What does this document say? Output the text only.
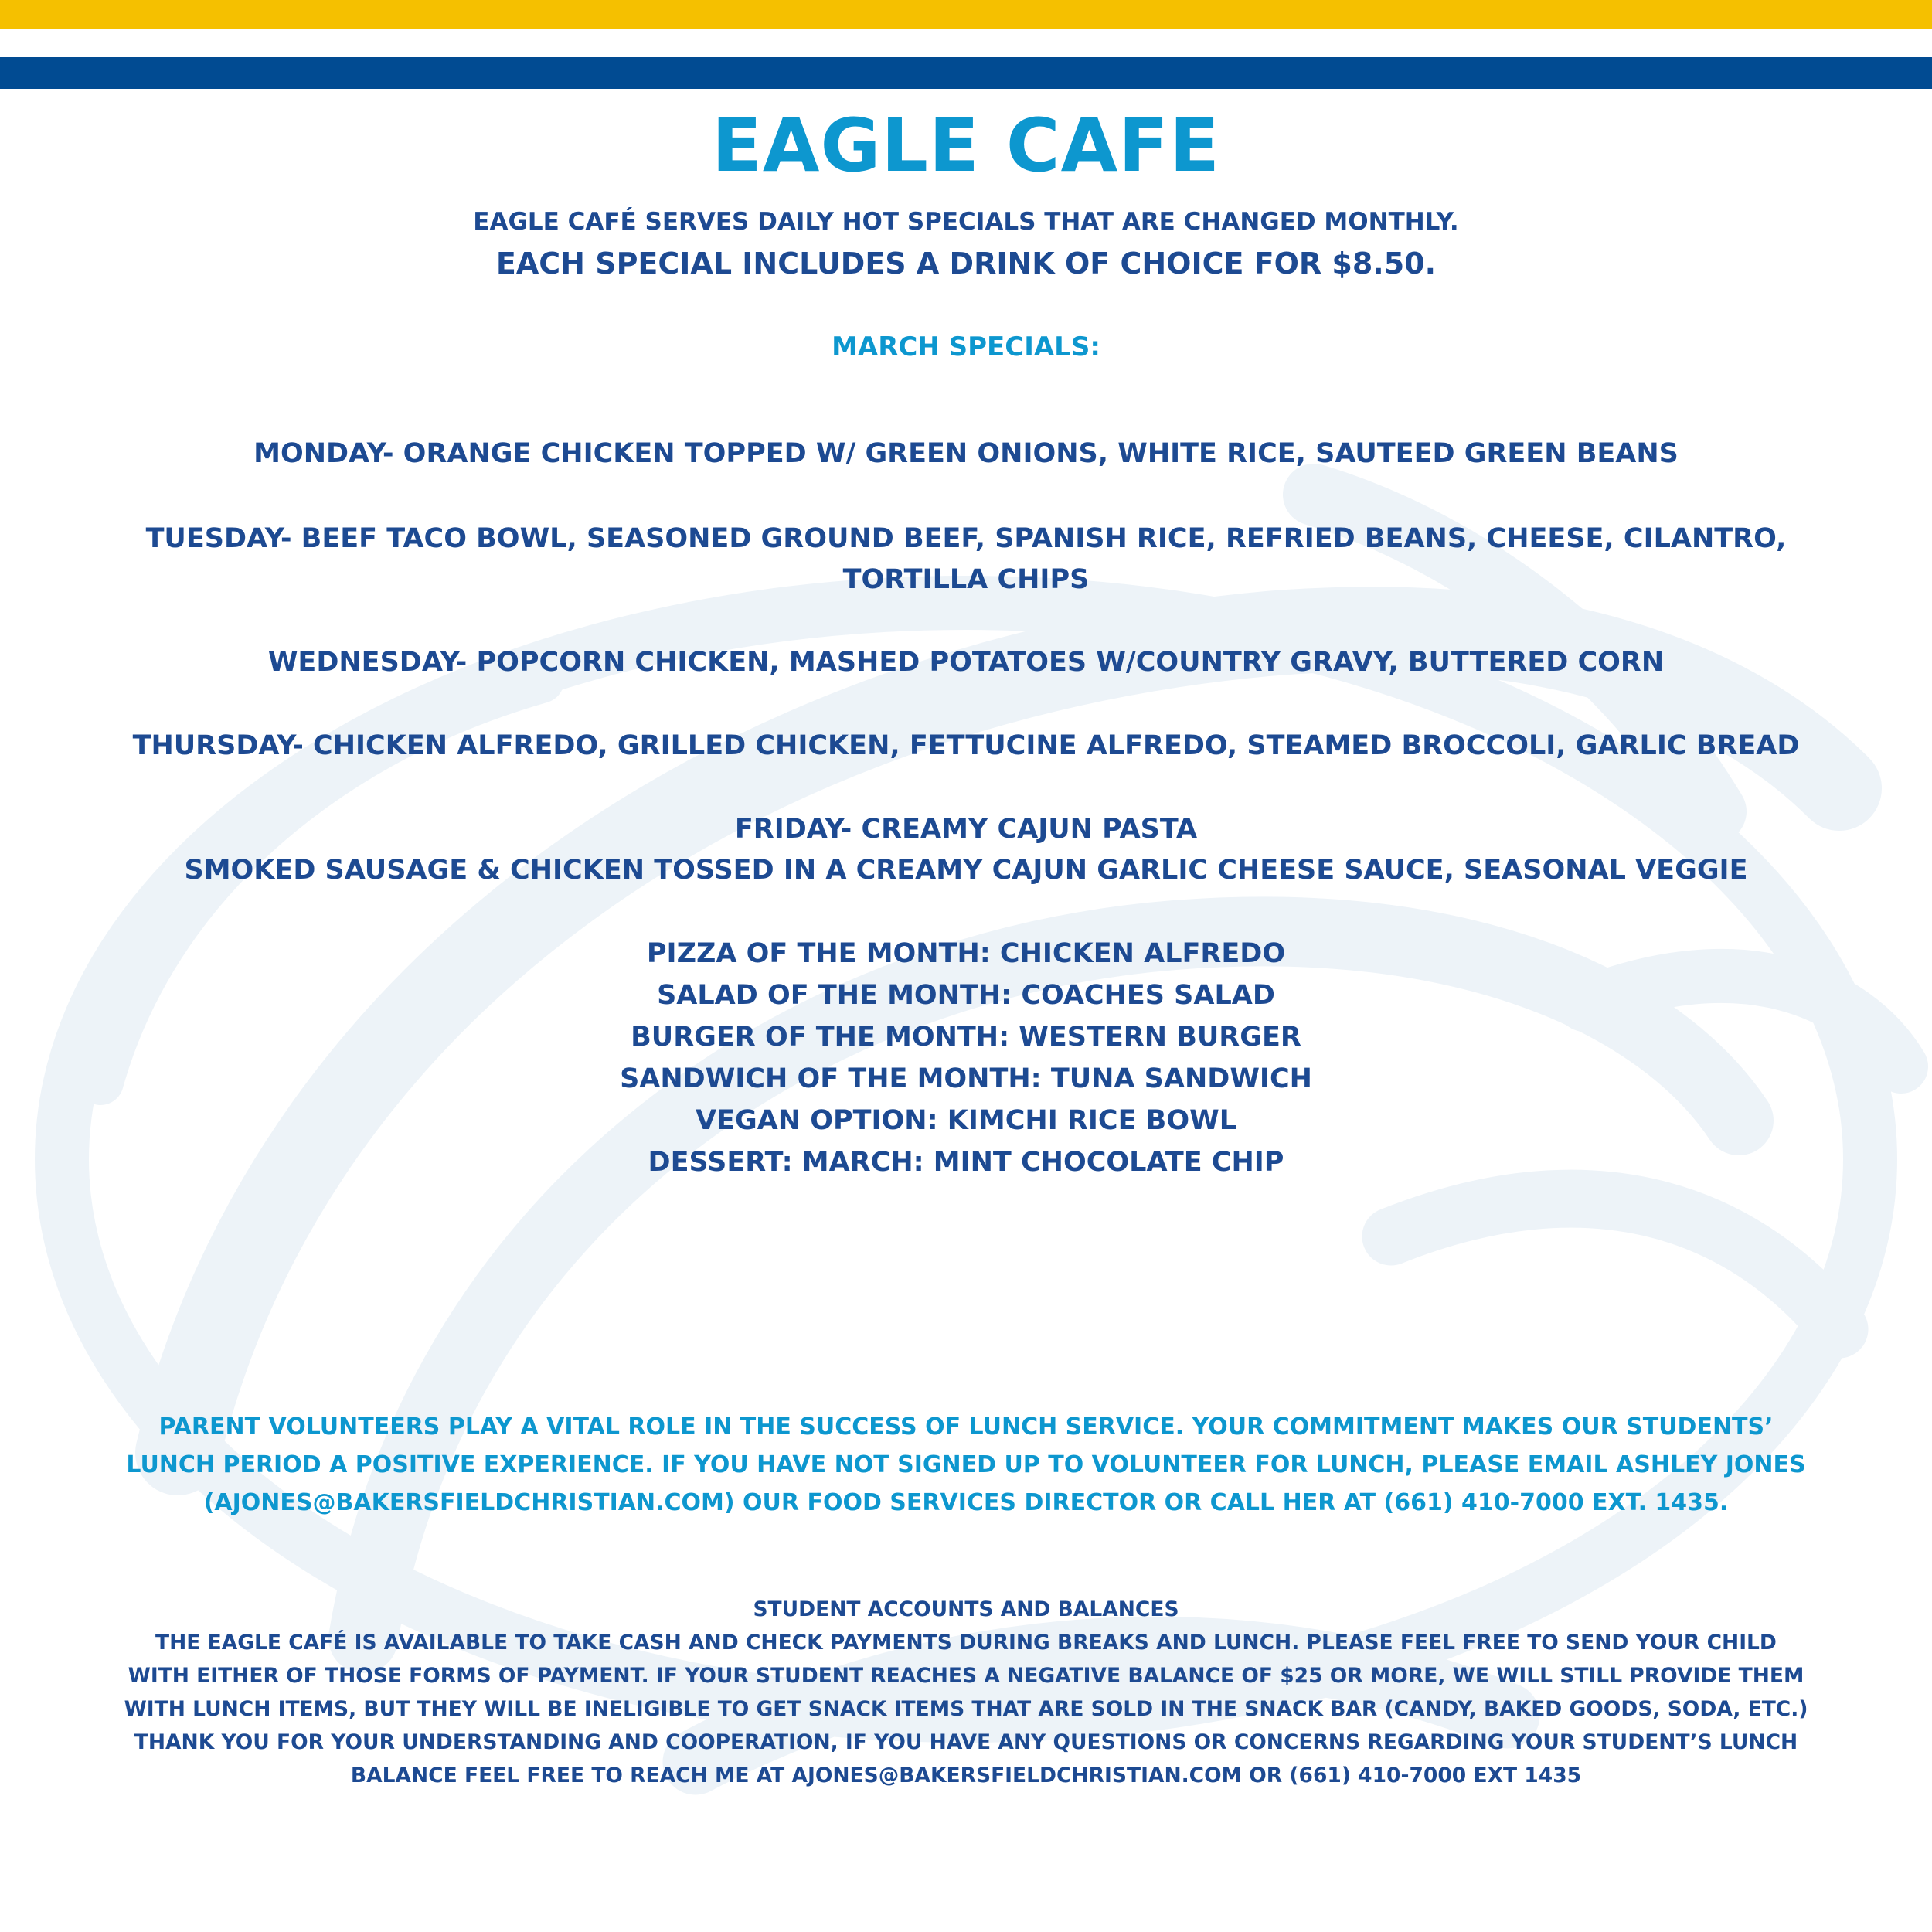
EAGLE CAFE
EAGLE CAFÉ SERVES DAILY HOT SPECIALS THAT ARE CHANGED MONTHLY.
EACH SPECIAL INCLUDES A DRINK OF CHOICE FOR $8.50.
MARCH SPECIALS:
MONDAY- ORANGE CHICKEN TOPPED W/ GREEN ONIONS, WHITE RICE, SAUTEED GREEN BEANS
TUESDAY- BEEF TACO BOWL, SEASONED GROUND BEEF, SPANISH RICE, REFRIED BEANS, CHEESE, CILANTRO,
TORTILLA CHIPS
WEDNESDAY- POPCORN CHICKEN, MASHED POTATOES W/COUNTRY GRAVY, BUTTERED CORN
THURSDAY- CHICKEN ALFREDO, GRILLED CHICKEN, FETTUCINE ALFREDO, STEAMED BROCCOLI, GARLIC BREAD
FRIDAY- CREAMY CAJUN PASTA
SMOKED SAUSAGE & CHICKEN TOSSED IN A CREAMY CAJUN GARLIC CHEESE SAUCE, SEASONAL VEGGIE
PIZZA OF THE MONTH: CHICKEN ALFREDO
SALAD OF THE MONTH: COACHES SALAD
BURGER OF THE MONTH: WESTERN BURGER
SANDWICH OF THE MONTH: TUNA SANDWICH
VEGAN OPTION: KIMCHI RICE BOWL
DESSERT: MARCH: MINT CHOCOLATE CHIP
PARENT VOLUNTEERS PLAY A VITAL ROLE IN THE SUCCESS OF LUNCH SERVICE. YOUR COMMITMENT MAKES OUR STUDENTS’
LUNCH PERIOD A POSITIVE EXPERIENCE. IF YOU HAVE NOT SIGNED UP TO VOLUNTEER FOR LUNCH, PLEASE EMAIL ASHLEY JONES
(AJONES@BAKERSFIELDCHRISTIAN.COM) OUR FOOD SERVICES DIRECTOR OR CALL HER AT (661) 410-7000 EXT. 1435.
STUDENT ACCOUNTS AND BALANCES
THE EAGLE CAFÉ IS AVAILABLE TO TAKE CASH AND CHECK PAYMENTS DURING BREAKS AND LUNCH. PLEASE FEEL FREE TO SEND YOUR CHILD
WITH EITHER OF THOSE FORMS OF PAYMENT. IF YOUR STUDENT REACHES A NEGATIVE BALANCE OF $25 OR MORE, WE WILL STILL PROVIDE THEM
WITH LUNCH ITEMS, BUT THEY WILL BE INELIGIBLE TO GET SNACK ITEMS THAT ARE SOLD IN THE SNACK BAR (CANDY, BAKED GOODS, SODA, ETC.)
THANK YOU FOR YOUR UNDERSTANDING AND COOPERATION, IF YOU HAVE ANY QUESTIONS OR CONCERNS REGARDING YOUR STUDENT’S LUNCH
BALANCE FEEL FREE TO REACH ME AT AJONES@BAKERSFIELDCHRISTIAN.COM OR (661) 410-7000 EXT 1435
